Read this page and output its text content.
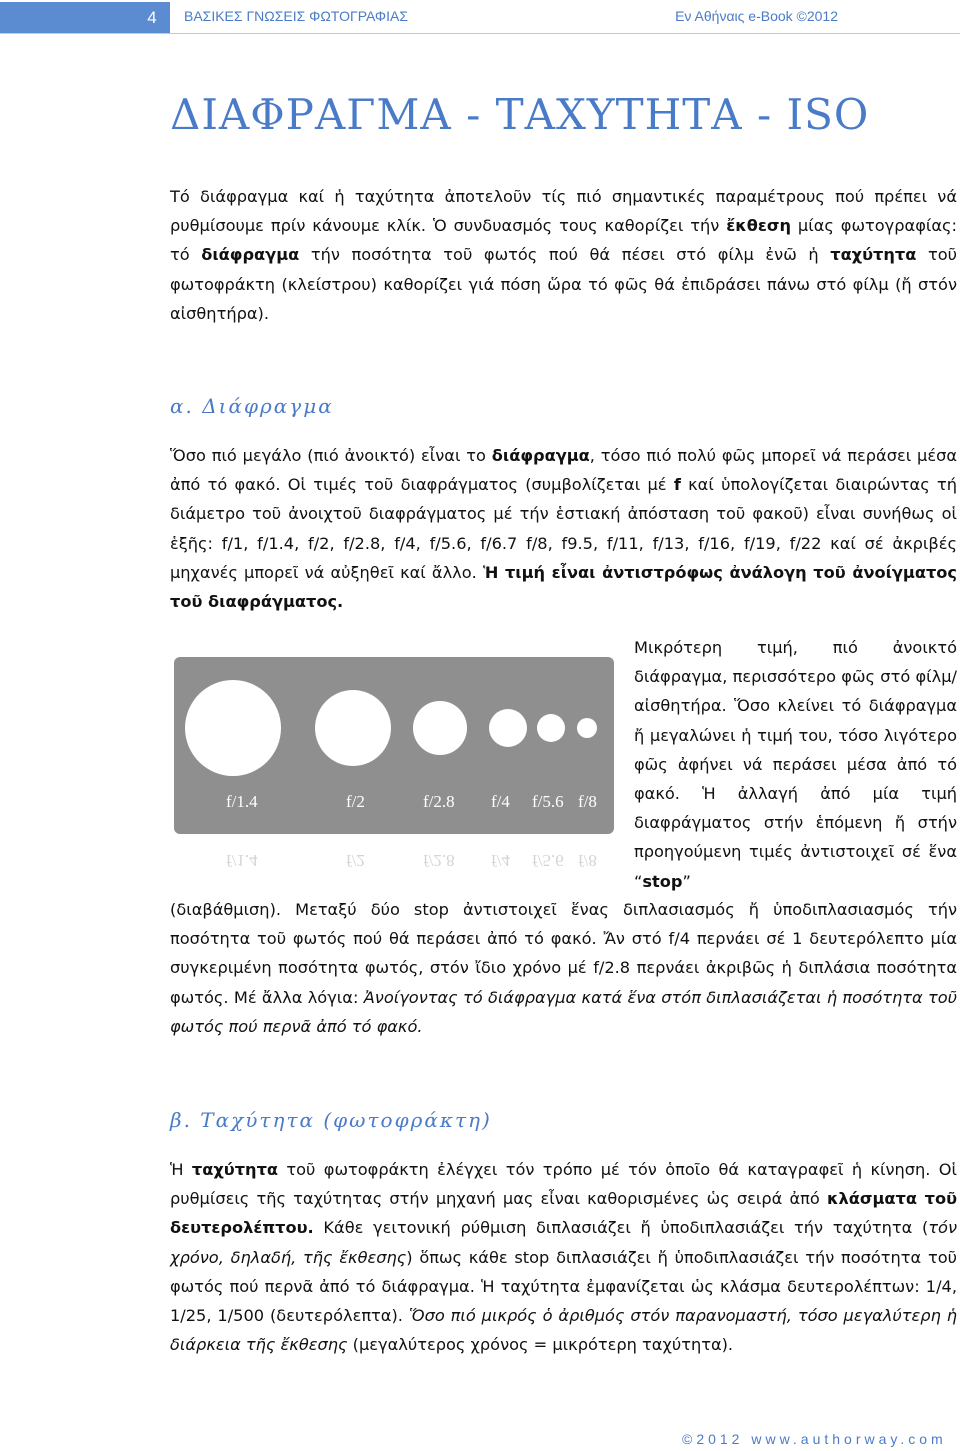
4	ΒΑΣΙΚΕΣ ΓΝΩΣΕΙΣ ΦΩΤΟΓΡΑΦΙΑΣ	Εν Αθήναις e-Book ©2012
ΔΙΑΦΡΑΓΜΑ - ΤΑΧΥΤΗΤΑ - ISO

Τό διάφραγμα καί ἡ ταχύτητα ἀποτελοῦν τίς πιό σημαντικές παραμέτρους πού πρέπει νά ρυθμίσουμε πρίν κάνουμε κλίκ. Ὁ συνδυασμός τους καθορίζει τήν ἔκθεση μίας φωτογραφίας: τό διάφραγμα τήν ποσότητα τοῦ φωτός πού θά πέσει στό φίλμ ἐνῶ ἡ ταχύτητα τοῦ φωτοφράκτη (κλείστρου) καθορίζει γιά πόση ὥρα τό φῶς θά ἐπιδράσει πάνω στό φίλμ (ἤ στόν αἰσθητήρα).

α. Διάφραγμα

Ὅσο πιό μεγάλο (πιό ἀνοικτό) εἶναι το διάφραγμα, τόσο πιό πολύ φῶς μπορεῖ νά περάσει μέσα ἀπό τό φακό. Οἱ τιμές τοῦ διαφράγματος (συμβολίζεται μέ f καί ὑπολογίζεται διαιρώντας τή διάμετρο τοῦ ἀνοιχτοῦ διαφράγματος μέ τήν ἑστιακή ἀπόσταση τοῦ φακοῦ) εἶναι συνήθως οἱ ἑξῆς: f/1, f/1.4, f/2, f/2.8, f/4, f/5.6, f/6.7 f/8, f9.5, f/11, f/13, f/16, f/19, f/22 καί σέ ἀκριβές μηχανές μπορεῖ νά αὐξηθεῖ καί ἄλλο. Ἡ τιμή εἶναι ἀντιστρόφως ἀνάλογη τοῦ ἀνοίγματος τοῦ διαφράγματος.

f/1.4	f/2	f/2.8 f/4 f/5.6 f/8
f/1.4	f/2	f/2.8 f/4 f/5.6 f/8

Μικρότερη τιμή, πιό ἀνοικτό διάφραγμα, περισσότερο φῶς στό φίλμ/αἰσθητήρα. Ὅσο κλείνει τό διάφραγμα ἤ μεγαλώνει ἡ τιμή του, τόσο λιγότερο φῶς ἀφήνει νά περάσει μέσα ἀπό τό φακό. Ἡ ἀλλαγή ἀπό μία τιμή διαφράγματος στήν ἑπόμενη ἤ στήν προηγούμενη τιμές ἀντιστοιχεῖ σέ ἕνα “stop”

(διαβάθμιση). Μεταξύ δύο stop ἀντιστοιχεῖ ἕνας διπλασιασμός ἤ ὑποδιπλασιασμός τήν ποσότητα τοῦ φωτός πού θά περάσει ἀπό τό φακό. Ἄν στό f/4 περνάει σέ 1 δευτερόλεπτο μία συγκεριμένη ποσότητα φωτός, στόν ἴδιο χρόνο μέ f/2.8 περνάει ἀκριβῶς ἡ διπλάσια ποσότητα φωτός. Μέ ἄλλα λόγια: Ἀνοίγοντας τό διάφραγμα κατά ἕνα στόπ διπλασιάζεται ἡ ποσότητα τοῦ φωτός πού περνᾶ ἀπό τό φακό.

β. Ταχύτητα (φωτοφράκτη)

Ἡ ταχύτητα τοῦ φωτοφράκτη ἐλέγχει τόν τρόπο μέ τόν ὁποῖο θά καταγραφεῖ ἡ κίνηση. Οἱ ρυθμίσεις τῆς ταχύτητας στήν μηχανή μας εἶναι καθορισμένες ὡς σειρά ἀπό κλάσματα τοῦ δευτερολέπτου. Κάθε γειτονική ρύθμιση διπλασιάζει ἤ ὑποδιπλασιάζει τήν ταχύτητα (τόν χρόνο, δηλαδή, τῆς ἔκθεσης) ὅπως κάθε stop διπλασιάζει ἤ ὑποδιπλασιάζει τήν ποσότητα τοῦ φωτός πού περνᾶ ἀπό τό διάφραγμα. Ἡ ταχύτητα ἐμφανίζεται ὡς κλάσμα δευτερολέπτων: 1/4, 1/25, 1/500 (δευτερόλεπτα). Ὅσο πιό μικρός ὁ ἀριθμός στόν παρανομαστή, τόσο μεγαλύτερη ἡ διάρκεια τῆς ἔκθεσης (μεγαλύτερος χρόνος = μικρότερη ταχύτητα).

©2012 www.authorway.com
